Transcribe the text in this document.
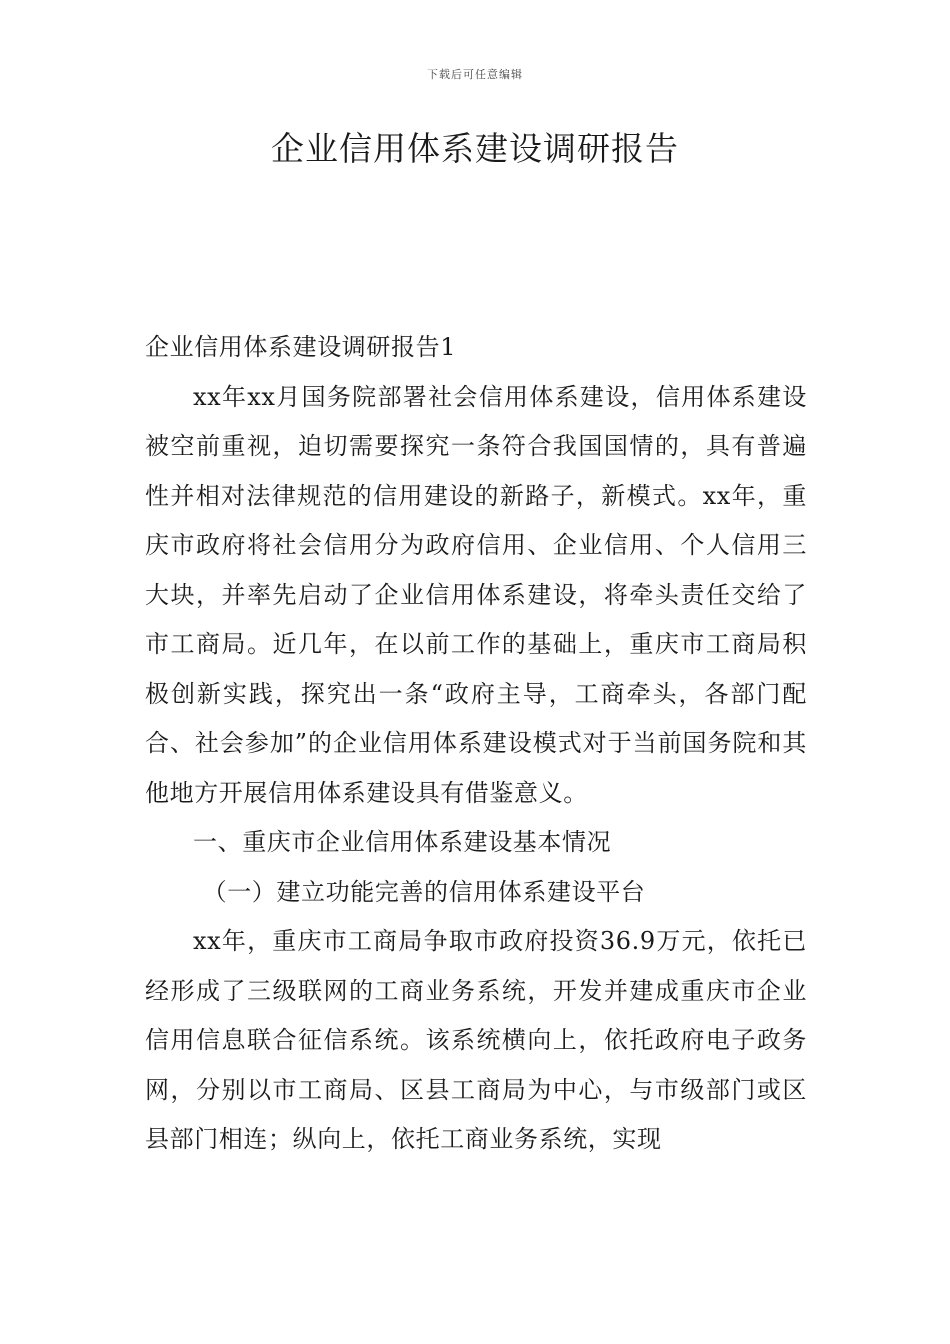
下载后可任意编辑
企业信用体系建设调研报告

企业信用体系建设调研报告1

xx年xx月国务院部署社会信用体系建设，信用体系建设被空前重视，迫切需要探究一条符合我国国情的，具有普遍性并相对法律规范的信用建设的新路子，新模式。xx年，重庆市政府将社会信用分为政府信用、企业信用、个人信用三大块，并率先启动了企业信用体系建设，将牵头责任交给了市工商局。近几年，在以前工作的基础上，重庆市工商局积极创新实践，探究出一条“政府主导，工商牵头，各部门配合、社会参加”的企业信用体系建设模式对于当前国务院和其他地方开展信用体系建设具有借鉴意义。

一、重庆市企业信用体系建设基本情况

（一）建立功能完善的信用体系建设平台

xx年，重庆市工商局争取市政府投资36.9万元，依托已经形成了三级联网的工商业务系统，开发并建成重庆市企业信用信息联合征信系统。该系统横向上，依托政府电子政务网，分别以市工商局、区县工商局为中心，与市级部门或区县部门相连；纵向上，依托工商业务系统，实现
